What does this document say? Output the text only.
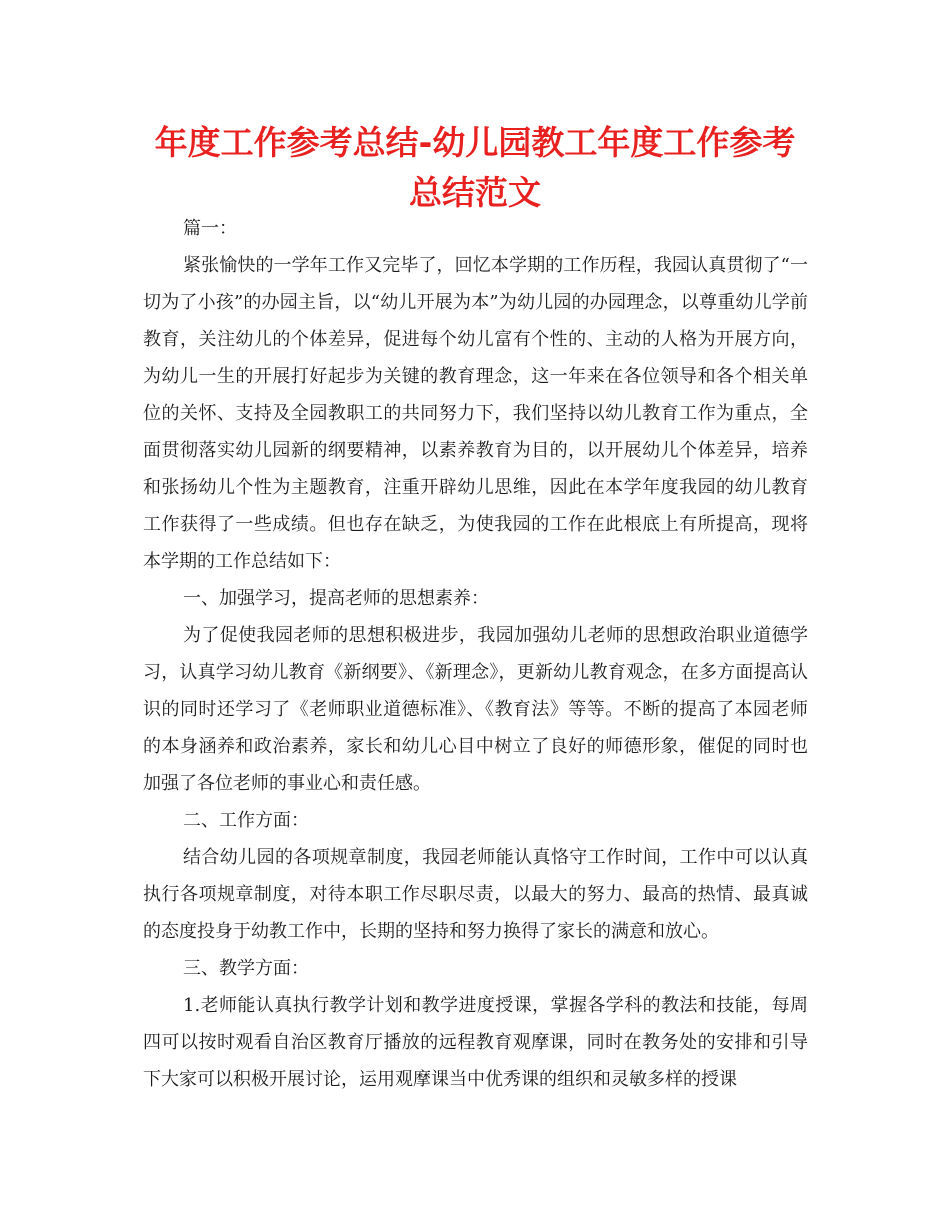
年度工作参考总结-幼儿园教工年度工作参考总结范文

篇一：

紧张愉快的一学年工作又完毕了，回忆本学期的工作历程，我园认真贯彻了“一切为了小孩”的办园主旨，以“幼儿开展为本”为幼儿园的办园理念，以尊重幼儿学前教育，关注幼儿的个体差异，促进每个幼儿富有个性的、主动的人格为开展方向，为幼儿一生的开展打好起步为关键的教育理念，这一年来在各位领导和各个相关单位的关怀、支持及全园教职工的共同努力下，我们坚持以幼儿教育工作为重点，全面贯彻落实幼儿园新的纲要精神，以素养教育为目的，以开展幼儿个体差异，培养和张扬幼儿个性为主题教育，注重开辟幼儿思维，因此在本学年度我园的幼儿教育工作获得了一些成绩。但也存在缺乏，为使我园的工作在此根底上有所提高，现将本学期的工作总结如下：

一、加强学习，提高老师的思想素养：

为了促使我园老师的思想积极进步，我园加强幼儿老师的思想政治职业道德学习，认真学习幼儿教育《新纲要》、《新理念》，更新幼儿教育观念，在多方面提高认识的同时还学习了《老师职业道德标准》、《教育法》等等。不断的提高了本园老师的本身涵养和政治素养，家长和幼儿心目中树立了良好的师德形象，催促的同时也加强了各位老师的事业心和责任感。

二、工作方面：

结合幼儿园的各项规章制度，我园老师能认真恪守工作时间，工作中可以认真执行各项规章制度，对待本职工作尽职尽责，以最大的努力、最高的热情、最真诚的态度投身于幼教工作中，长期的坚持和努力换得了家长的满意和放心。

三、教学方面：

1.老师能认真执行教学计划和教学进度授课，掌握各学科的教法和技能，每周四可以按时观看自治区教育厅播放的远程教育观摩课，同时在教务处的安排和引导下大家可以积极开展讨论，运用观摩课当中优秀课的组织和灵敏多样的授课
